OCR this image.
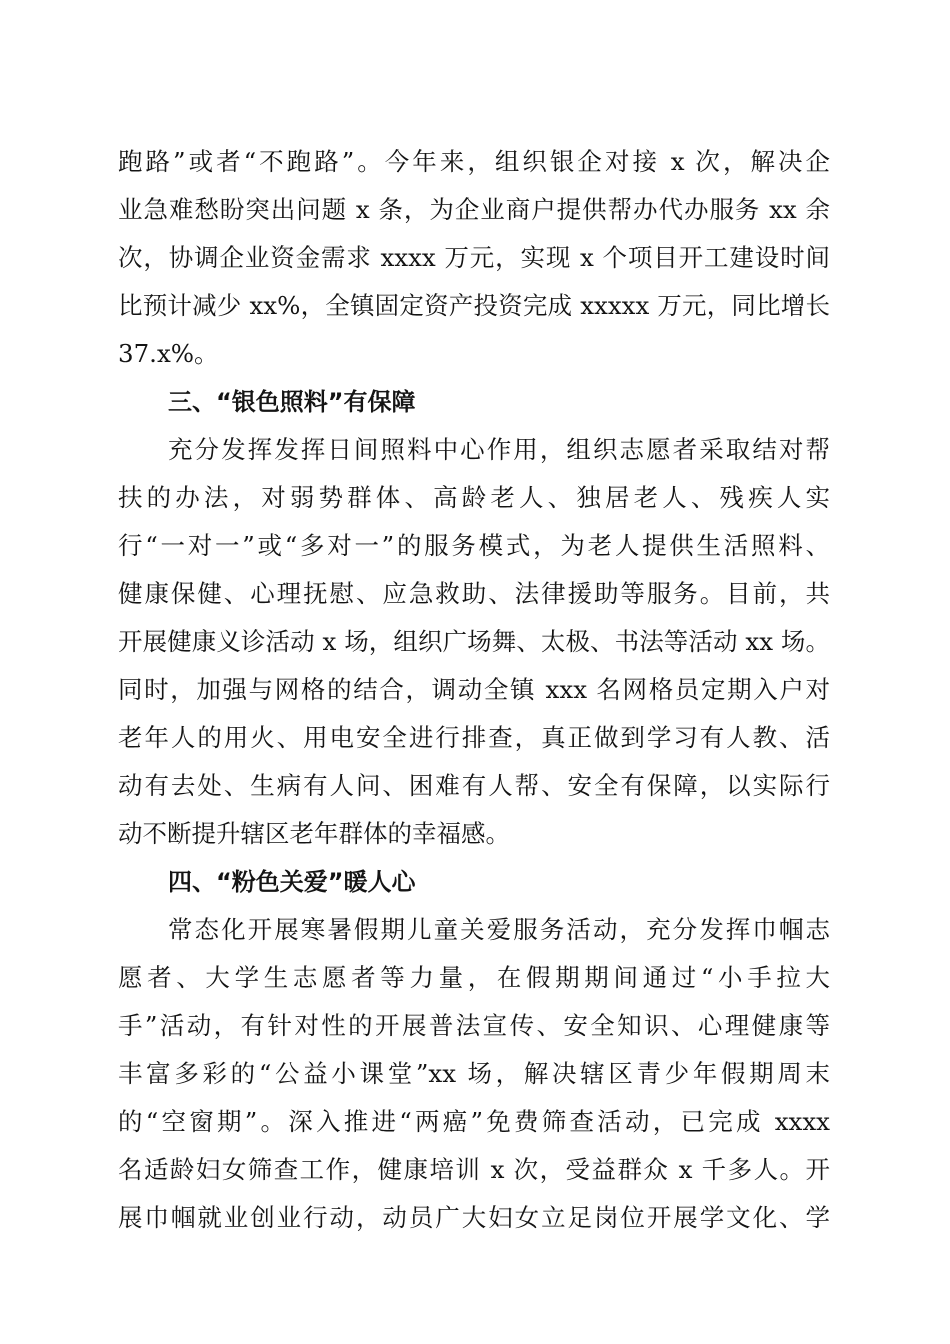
跑路”或者“不跑路”。今年来，组织银企对接 x 次，解决企
业急难愁盼突出问题 x 条，为企业商户提供帮办代办服务 xx 余
次，协调企业资金需求 xxxx 万元，实现 x 个项目开工建设时间
比预计减少 xx%，全镇固定资产投资完成 xxxxx 万元，同比增长
37.x%。
三、“银色照料”有保障
充分发挥发挥日间照料中心作用，组织志愿者采取结对帮
扶的办法，对弱势群体、高龄老人、独居老人、残疾人实
行“一对一”或“多对一”的服务模式，为老人提供生活照料、
健康保健、心理抚慰、应急救助、法律援助等服务。目前，共
开展健康义诊活动 x 场，组织广场舞、太极、书法等活动 xx 场。
同时，加强与网格的结合，调动全镇 xxx 名网格员定期入户对
老年人的用火、用电安全进行排查，真正做到学习有人教、活
动有去处、生病有人问、困难有人帮、安全有保障，以实际行
动不断提升辖区老年群体的幸福感。
四、“粉色关爱”暖人心
常态化开展寒暑假期儿童关爱服务活动，充分发挥巾帼志
愿者、大学生志愿者等力量，在假期期间通过“小手拉大
手”活动，有针对性的开展普法宣传、安全知识、心理健康等
丰富多彩的“公益小课堂”xx 场，解决辖区青少年假期周末
的“空窗期”。深入推进“两癌”免费筛查活动，已完成 xxxx
名适龄妇女筛查工作，健康培训 x 次，受益群众 x 千多人。开
展巾帼就业创业行动，动员广大妇女立足岗位开展学文化、学
